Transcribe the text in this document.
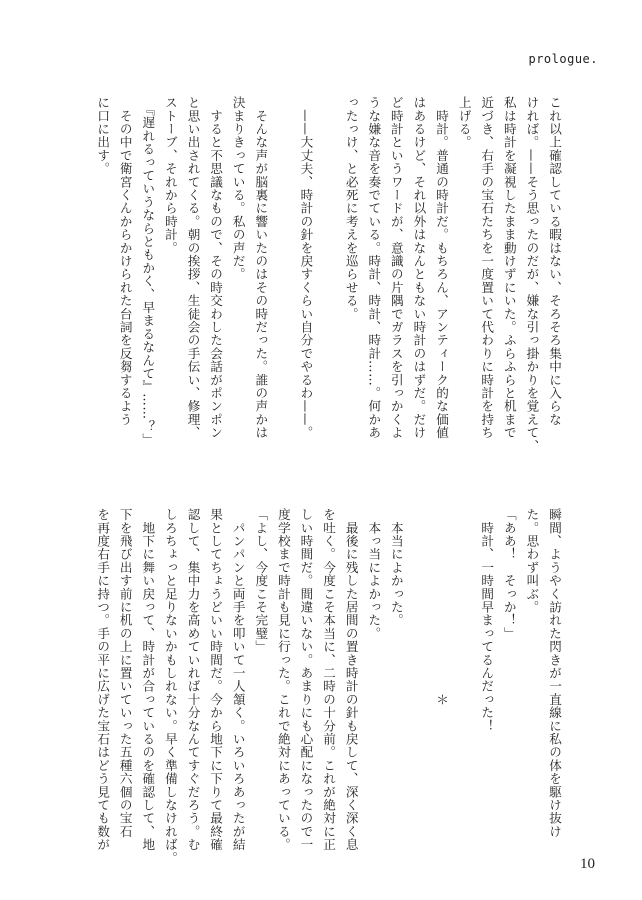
prologue.
これ以上確認している暇はない、そろそろ集中に入らな
ければ。——そう思ったのだが、嫌な引っ掛かりを覚えて、
私は時計を凝視したまま動けずにいた。ふらふらと机まで
近づき、右手の宝石たちを一度置いて代わりに時計を持ち
上げる。
　時計。普通の時計だ。もちろん、アンティーク的な価値
はあるけど、それ以外はなんともない時計のはずだ。だけ
ど時計というワードが、意識の片隅でガラスを引っかくよ
うな嫌な音を奏でている。時計、時計、時計……。何かあ
ったっけ、と必死に考えを巡らせる。

　——大丈夫、時計の針を戻すくらい自分でやるわ——。

　そんな声が脳裏に響いたのはその時だった。誰の声かは
決まりきっている。私の声だ。
　すると不思議なもので、その時交わした会話がポンポン
と思い出されてくる。朝の挨拶、生徒会の手伝い、修理、
ストーブ、それから時計。
　『遅れるっていうならともかく、早まるなんて』……？」
　その中で衛宮くんからかけられた台詞を反芻するよう
に口に出す。
瞬間、ようやく訪れた閃きが一直線に私の体を駆け抜け
た。思わず叫ぶ。
「ああ！　そっか！」
　時計、一時間早まってるんだった！

＊

　本当によかった。
　本っ当によかった。
　最後に残した居間の置き時計の針も戻して、深く深く息
を吐く。今度こそ本当に、二時の十分前。これが絶対に正
しい時間だ。間違いない。あまりにも心配になったので一
度学校まで時計も見に行った。これで絶対にあっている。
「よし、今度こそ完璧」
　パンパンと両手を叩いて一人頷く。いろいろあったが結
果としてちょうどいい時間だ。今から地下に下りて最終確
認して、集中力を高めていれば十分なんてすぐだろう。む
しろちょっと足りないかもしれない。早く準備しなければ。
　地下に舞い戻って、時計が合っているのを確認して、地
下を飛び出す前に机の上に置いていった五種六個の宝石
を再度右手に持つ。手の平に広げた宝石はどう見ても数が
10
